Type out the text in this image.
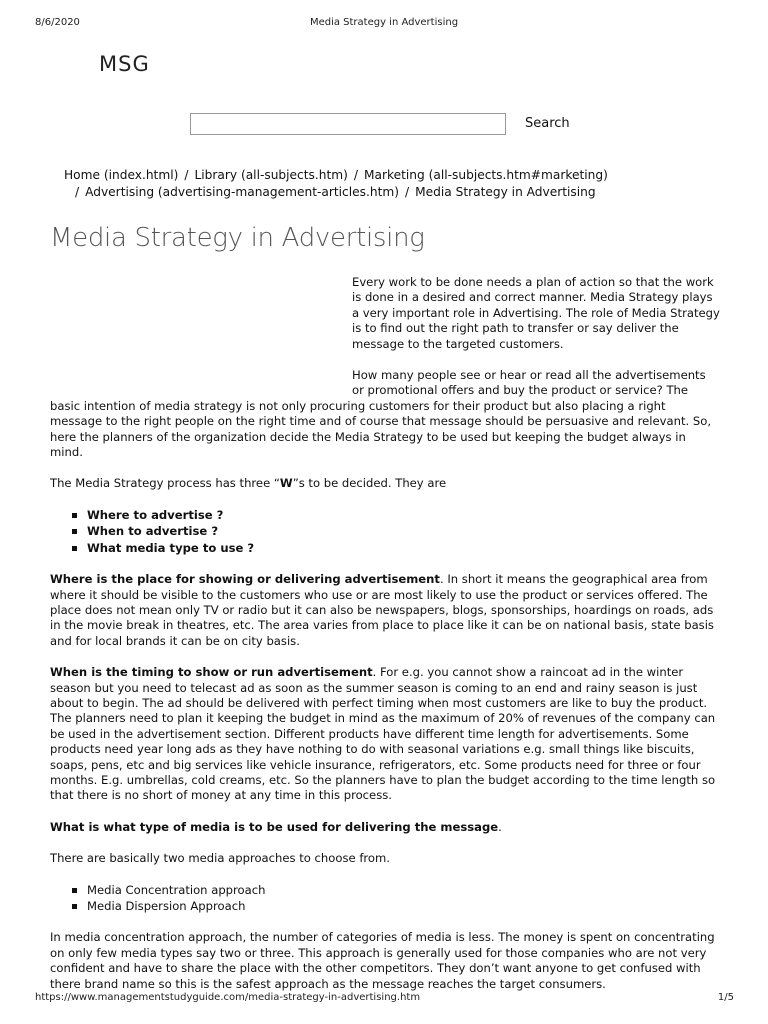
8/6/2020	Media Strategy in Advertising
MSG
Search
Home (index.html) / Library (all-subjects.htm) / Marketing (all-subjects.htm#marketing)
/ Advertising (advertising-management-articles.htm) / Media Strategy in Advertising
Media Strategy in Advertising

Every work to be done needs a plan of action so that the work is done in a desired and correct manner. Media Strategy plays a very important role in Advertising. The role of Media Strategy is to find out the right path to transfer or say deliver the message to the targeted customers.

How many people see or hear or read all the advertisements or promotional offers and buy the product or service? The basic intention of media strategy is not only procuring customers for their product but also placing a right message to the right people on the right time and of course that message should be persuasive and relevant. So, here the planners of the organization decide the Media Strategy to be used but keeping the budget always in mind.

The Media Strategy process has three “W”s to be decided. They are

Where to advertise ?
When to advertise ?
What media type to use ?

Where is the place for showing or delivering advertisement. In short it means the geographical area from where it should be visible to the customers who use or are most likely to use the product or services offered. The place does not mean only TV or radio but it can also be newspapers, blogs, sponsorships, hoardings on roads, ads in the movie break in theatres, etc. The area varies from place to place like it can be on national basis, state basis and for local brands it can be on city basis.

When is the timing to show or run advertisement. For e.g. you cannot show a raincoat ad in the winter season but you need to telecast ad as soon as the summer season is coming to an end and rainy season is just about to begin. The ad should be delivered with perfect timing when most customers are like to buy the product. The planners need to plan it keeping the budget in mind as the maximum of 20% of revenues of the company can be used in the advertisement section. Different products have different time length for advertisements. Some products need year long ads as they have nothing to do with seasonal variations e.g. small things like biscuits, soaps, pens, etc and big services like vehicle insurance, refrigerators, etc. Some products need for three or four months. E.g. umbrellas, cold creams, etc. So the planners have to plan the budget according to the time length so that there is no short of money at any time in this process.

What is what type of media is to be used for delivering the message.

There are basically two media approaches to choose from.

Media Concentration approach
Media Dispersion Approach

In media concentration approach, the number of categories of media is less. The money is spent on concentrating on only few media types say two or three. This approach is generally used for those companies who are not very confident and have to share the place with the other competitors. They don’t want anyone to get confused with there brand name so this is the safest approach as the message reaches the target consumers.

https://www.managementstudyguide.com/media-strategy-in-advertising.htm	1/5
